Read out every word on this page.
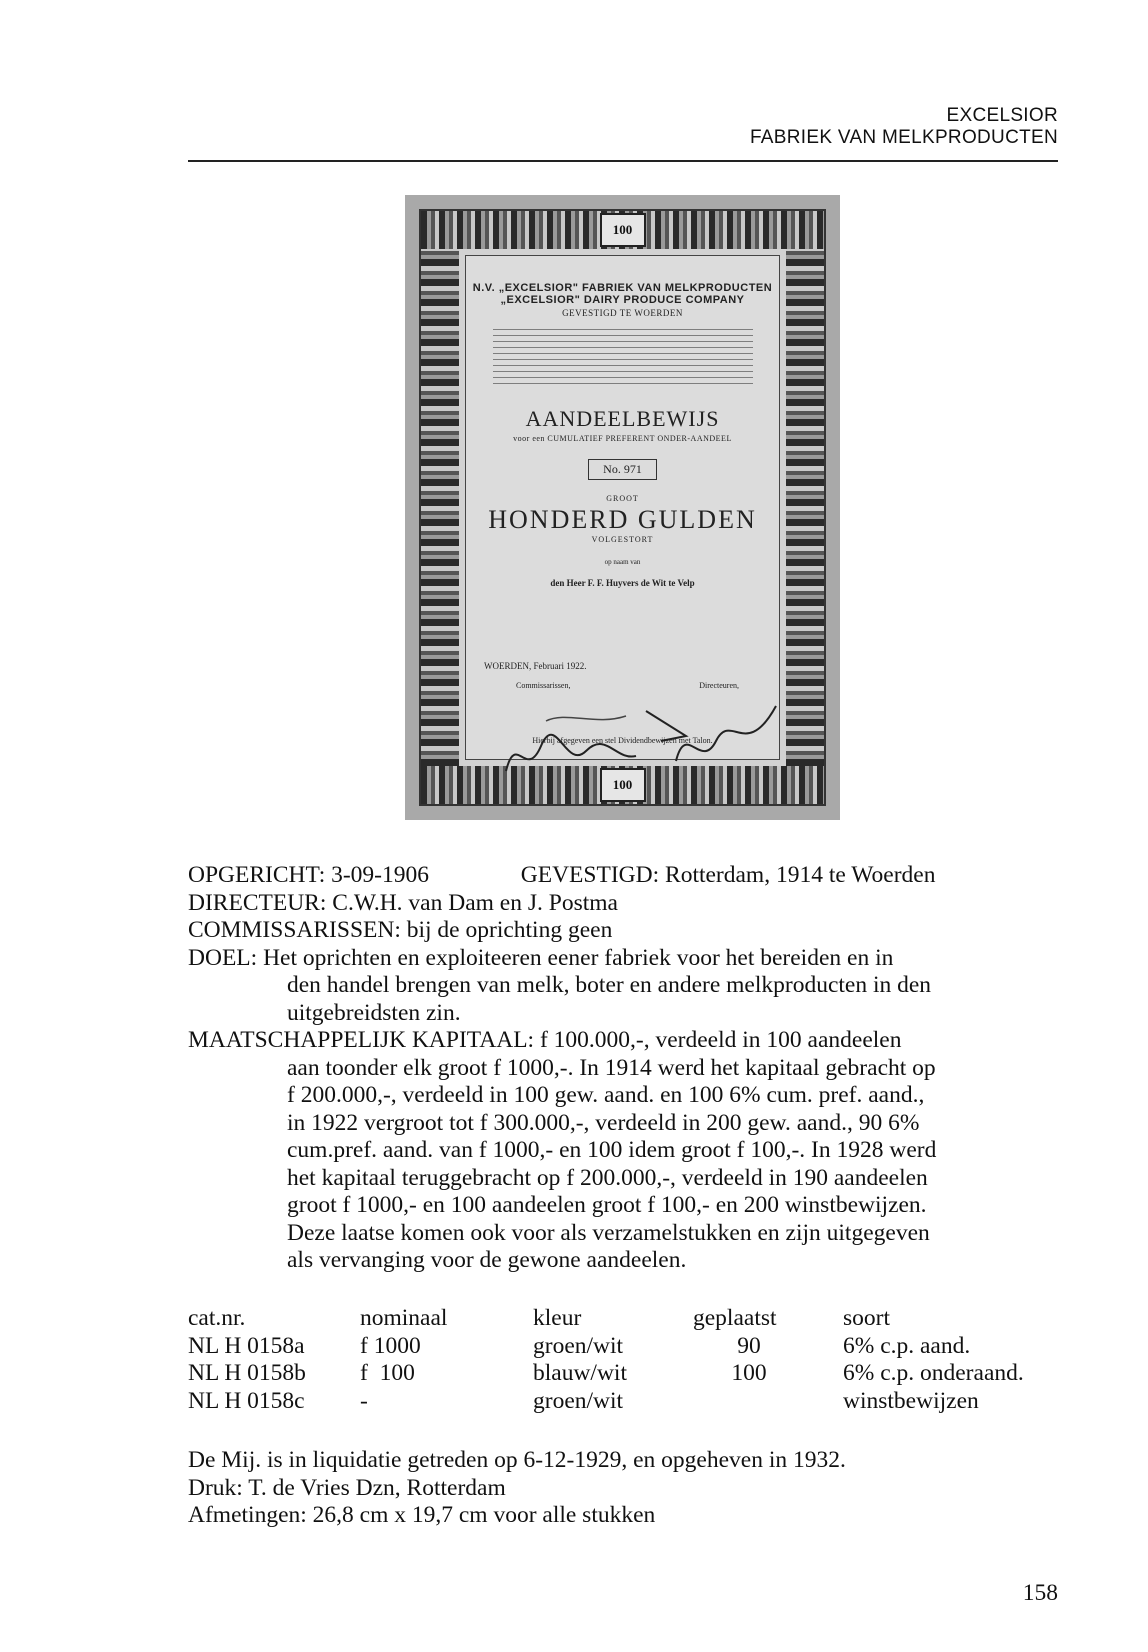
EXCELSIOR
FABRIEK VAN MELKPRODUCTEN
100
100
N.V. „EXCELSIOR" FABRIEK VAN MELKPRODUCTEN
„EXCELSIOR" DAIRY PRODUCE COMPANY
GEVESTIGD TE WOERDEN
AANDEELBEWIJS
voor een CUMULATIEF PREFERENT ONDER-AANDEEL
No. 971
GROOT
HONDERD GULDEN
VOLGESTORT
op naam van
den Heer F. F. Huyvers de Wit te Velp
WOERDEN, Februari 1922.
Commissarissen,	Directeuren,
Hierbij afgegeven een stel Dividendbewijzen met Talon.
OPGERICHT: 3-09-1906	GEVESTIGD: Rotterdam, 1914 te Woerden
DIRECTEUR: C.W.H. van Dam en J. Postma
COMMISSARISSEN: bij de oprichting geen
DOEL: Het oprichten en exploiteeren eener fabriek voor het bereiden en in
den handel brengen van melk, boter en andere melkproducten in den
uitgebreidsten zin.
MAATSCHAPPELIJK KAPITAAL: f 100.000,-, verdeeld in 100 aandeelen
aan toonder elk groot f 1000,-. In 1914 werd het kapitaal gebracht op
f 200.000,-, verdeeld in 100 gew. aand. en 100 6% cum. pref. aand.,
in 1922 vergroot tot f 300.000,-, verdeeld in 200 gew. aand., 90 6%
cum.pref. aand. van f 1000,- en 100 idem groot f 100,-. In 1928 werd
het kapitaal teruggebracht op f 200.000,-, verdeeld in 190 aandeelen
groot f 1000,- en 100 aandeelen groot f 100,- en 200 winstbewijzen.
Deze laatse komen ook voor als verzamelstukken en zijn uitgegeven
als vervanging voor de gewone aandeelen.
cat.nr.	nominaal	kleur	geplaatst	soort
NL H 0158a	f 1000	groen/wit	90	6% c.p. aand.
NL H 0158b	f  100	blauw/wit	100	6% c.p. onderaand.
NL H 0158c	-	groen/wit		winstbewijzen
De Mij. is in liquidatie getreden op 6-12-1929, en opgeheven in 1932.
Druk: T. de Vries Dzn, Rotterdam
Afmetingen: 26,8 cm x 19,7 cm voor alle stukken
158
